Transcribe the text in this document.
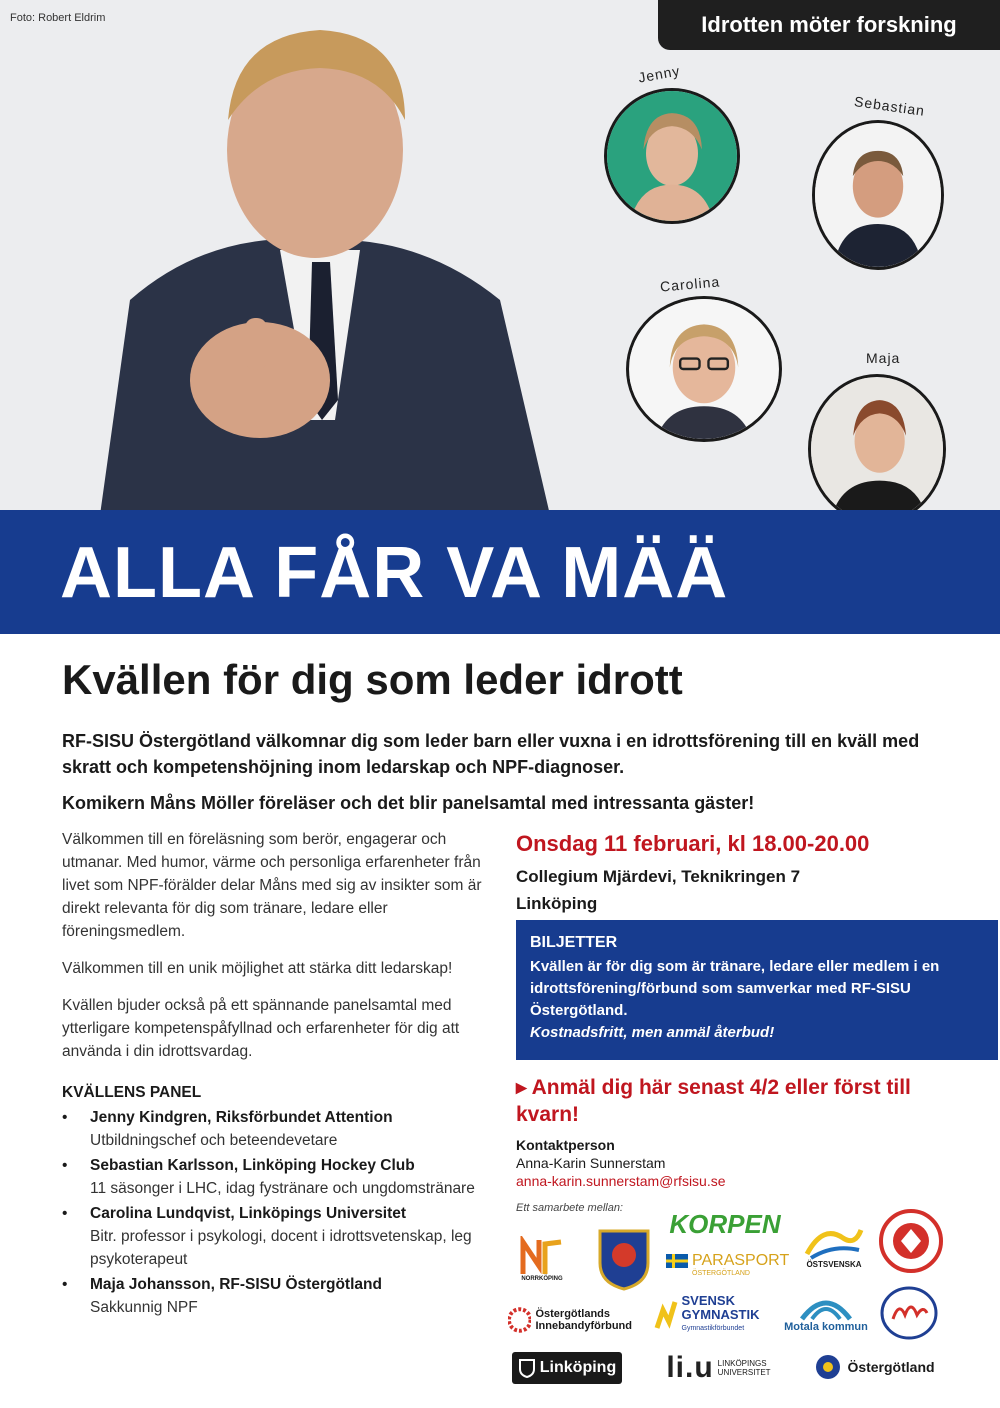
Foto: Robert Eldrim	Idrotten möter forskning
Jenny
Sebastian
Carolina
Maja
ALLA FÅR VA MÄÄ
Kvällen för dig som leder idrott
RF-SISU Östergötland välkomnar dig som leder barn eller vuxna i en idrottsförening till en kväll med skratt och kompetenshöjning inom ledarskap och NPF-diagnoser.
Komikern Måns Möller föreläser och det blir panelsamtal med intressanta gäster!

Välkommen till en föreläsning som berör, engagerar och utmanar. Med humor, värme och personliga erfarenheter från livet som NPF-förälder delar Måns med sig av insikter som är direkt relevanta för dig som tränare, ledare eller föreningsmedlem.

Välkommen till en unik möjlighet att stärka ditt ledarskap!

Kvällen bjuder också på ett spännande panelsamtal med ytterligare kompetenspåfyllnad och erfarenheter för dig att använda i din idrottsvardag.

KVÄLLENS PANEL
• Jenny Kindgren, Riksförbundet Attention
Utbildningschef och beteendevetare
• Sebastian Karlsson, Linköping Hockey Club
11 säsonger i LHC, idag fystränare och ungdomstränare
• Carolina Lundqvist, Linköpings Universitet
Bitr. professor i psykologi, docent i idrottsvetenskap, leg psykoterapeut
• Maja Johansson, RF-SISU Östergötland
Sakkunnig NPF
Onsdag 11 februari, kl 18.00-20.00
Collegium Mjärdevi, Teknikringen 7
Linköping
BILJETTER
Kvällen är för dig som är tränare, ledare eller medlem i en idrottsförening/förbund som samverkar med RF-SISU Östergötland.
Kostnadsfritt, men anmäl återbud!
▸ Anmäl dig här senast 4/2 eller först till kvarn!
Kontaktperson
Anna-Karin Sunnerstam
anna-karin.sunnerstam@rfsisu.se
Ett samarbete mellan:
NORRKÖPING
KORPEN
PARASPORT
ÖSTERGÖTLAND
ÖSTSVENSKA
Östergötlands
Innebandyförbund
SVENSK
GYMNASTIK
Gymnastikförbundet	Motala kommun
Linköping li.u LINKÖPINGS UNIVERSITET	Östergötland
